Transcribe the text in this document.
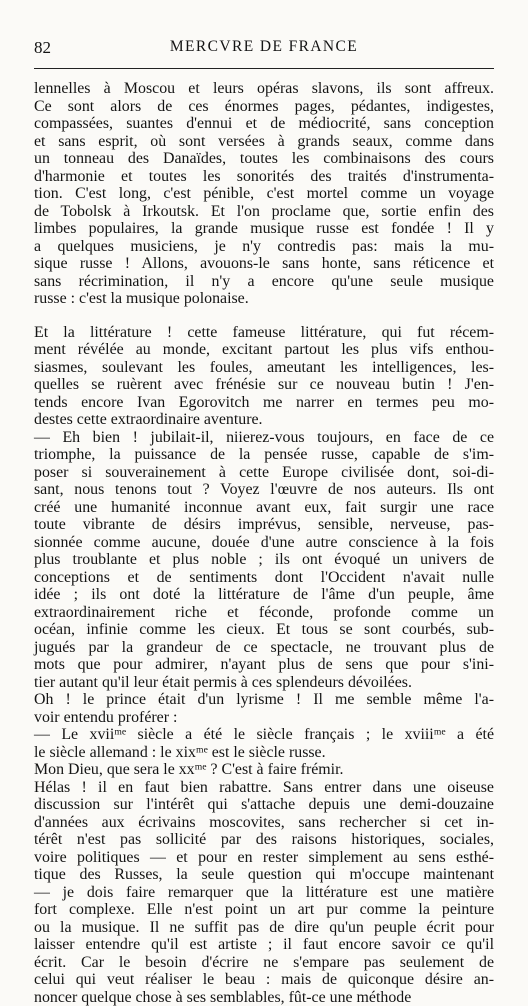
82	MERCVRE DE FRANCE
lennelles à Moscou et leurs opéras slavons, ils sont affreux.
Ce sont alors de ces énormes pages, pédantes, indigestes,
compassées, suantes d'ennui et de médiocrité, sans conception
et sans esprit, où sont versées à grands seaux, comme dans
un tonneau des Danaïdes, toutes les combinaisons des cours
d'harmonie et toutes les sonorités des traités d'instrumenta-
tion. C'est long, c'est pénible, c'est mortel comme un voyage
de Tobolsk à Irkoutsk. Et l'on proclame que, sortie enfin des
limbes populaires, la grande musique russe est fondée ! Il y
a quelques musiciens, je n'y contredis pas: mais la mu-
sique russe ! Allons, avouons-le sans honte, sans réticence et
sans récrimination, il n'y a encore qu'une seule musique
russe : c'est la musique polonaise.
Et la littérature ! cette fameuse littérature, qui fut récem-
ment révélée au monde, excitant partout les plus vifs enthou-
siasmes, soulevant les foules, ameutant les intelligences, les-
quelles se ruèrent avec frénésie sur ce nouveau butin ! J'en-
tends encore Ivan Egorovitch me narrer en termes peu mo-
destes cette extraordinaire aventure.
— Eh bien ! jubilait-il, niierez-vous toujours, en face de ce
triomphe, la puissance de la pensée russe, capable de s'im-
poser si souverainement à cette Europe civilisée dont, soi-di-
sant, nous tenons tout ? Voyez l'œuvre de nos auteurs. Ils ont
créé une humanité inconnue avant eux, fait surgir une race
toute vibrante de désirs imprévus, sensible, nerveuse, pas-
sionnée comme aucune, douée d'une autre conscience à la fois
plus troublante et plus noble ; ils ont évoqué un univers de
conceptions et de sentiments dont l'Occident n'avait nulle
idée ; ils ont doté la littérature de l'âme d'un peuple, âme
extraordinairement riche et féconde, profonde comme un
océan, infinie comme les cieux. Et tous se sont courbés, sub-
jugués par la grandeur de ce spectacle, ne trouvant plus de
mots que pour admirer, n'ayant plus de sens que pour s'ini-
tier autant qu'il leur était permis à ces splendeurs dévoilées.
Oh ! le prince était d'un lyrisme ! Il me semble même l'a-
voir entendu proférer :
— Le xviiᵐᵉ siècle a été le siècle français ; le xviiiᵐᵉ a été
le siècle allemand : le xixᵐᵉ est le siècle russe.
Mon Dieu, que sera le xxᵐᵉ ? C'est à faire frémir.
Hélas ! il en faut bien rabattre. Sans entrer dans une oiseuse
discussion sur l'intérêt qui s'attache depuis une demi-douzaine
d'années aux écrivains moscovites, sans rechercher si cet in-
térêt n'est pas sollicité par des raisons historiques, sociales,
voire politiques — et pour en rester simplement au sens esthé-
tique des Russes, la seule question qui m'occupe maintenant
— je dois faire remarquer que la littérature est une matière
fort complexe. Elle n'est point un art pur comme la peinture
ou la musique. Il ne suffit pas de dire qu'un peuple écrit pour
laisser entendre qu'il est artiste ; il faut encore savoir ce qu'il
écrit. Car le besoin d'écrire ne s'empare pas seulement de
celui qui veut réaliser le beau : mais de quiconque désire an-
noncer quelque chose à ses semblables, fût-ce une méthode
